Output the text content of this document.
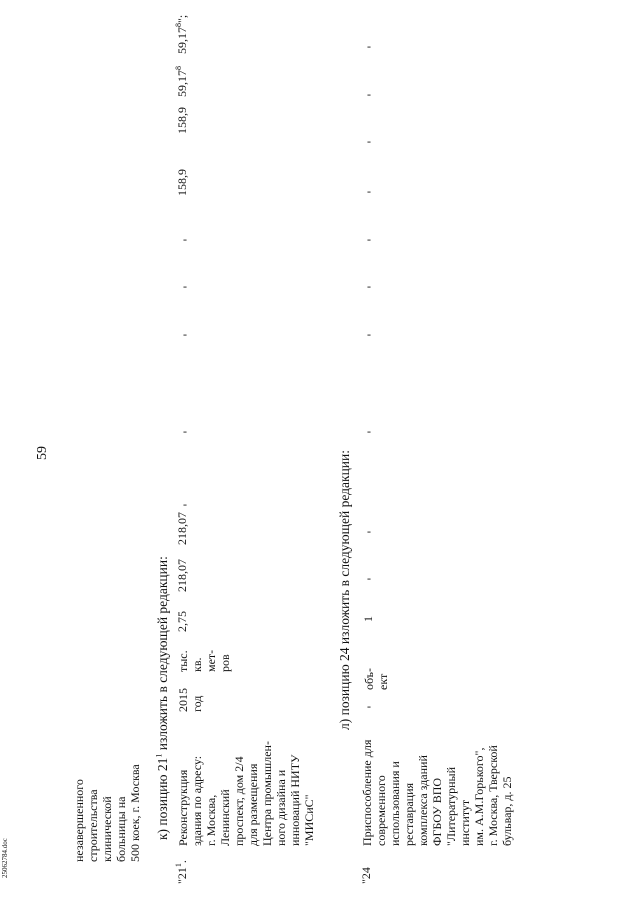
59
незавершенного строительства клинической больницы на 500 коек, г. Москва к) позицию $21^1$ изложить в следующей редакции:
"$21^1$.
Реконструкция здания по адресу: г. Москва, Ленинский проспект, дом 2/4 для размещения Центра промышлен- ного дизайна и инноваций НИТУ "МИСиС"
2015 год
тыс. кв. мет- ров
2,75
218,07
218,07
-
-
-
-
-
158,9
158,9
59,17$^8$
59,17$^8$";
л) позицию 24 изложить в следующей редакции:
"24
Приспособление для современного использования и реставрация комплекса зданий ФГБОУ ВПО "Литературный институт им. А.М.Горького", г. Москва, Тверской бульвар, д. 25
-
объ- ект
1
-
-
-
-
-
-
-
-
-
-
25062784.doc
